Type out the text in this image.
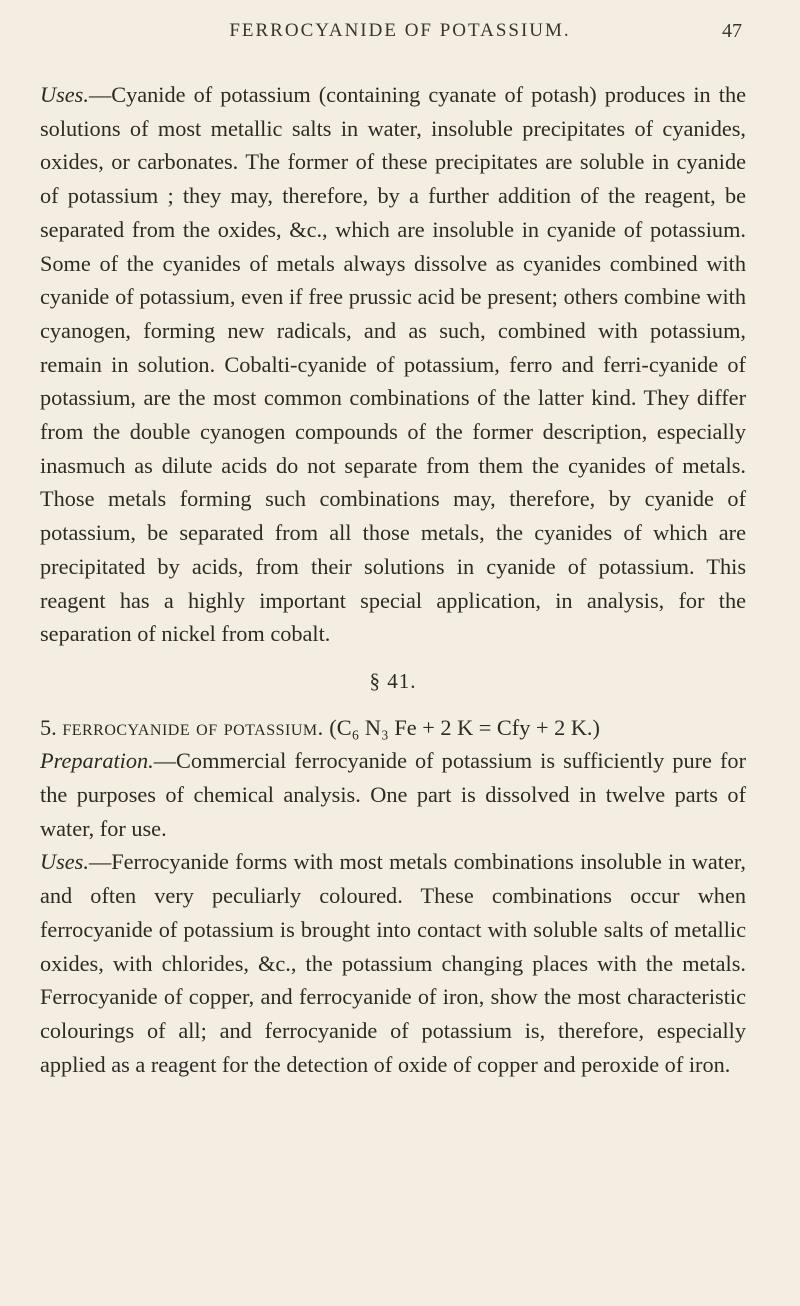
FERROCYANIDE OF POTASSIUM.	47

Uses.—Cyanide of potassium (containing cyanate of potash) produces in the solutions of most metallic salts in water, insoluble precipitates of cyanides, oxides, or carbonates. The former of these precipitates are soluble in cyanide of potassium ; they may, therefore, by a further addition of the reagent, be separated from the oxides, &c., which are insoluble in cyanide of potassium. Some of the cyanides of metals always dissolve as cyanides combined with cyanide of potassium, even if free prussic acid be present; others combine with cyanogen, forming new radicals, and as such, combined with potassium, remain in solution. Cobalti-cyanide of potassium, ferro and ferri-cyanide of potassium, are the most common combinations of the latter kind. They differ from the double cyanogen compounds of the former description, especially inasmuch as dilute acids do not separate from them the cyanides of metals. Those metals forming such combinations may, therefore, by cyanide of potassium, be separated from all those metals, the cyanides of which are precipitated by acids, from their solutions in cyanide of potassium. This reagent has a highly important special application, in analysis, for the separation of nickel from cobalt.

§ 41.

5. ferrocyanide of potassium. (C₆ N₃ Fe + 2 K = Cfy + 2 K.)

Preparation.—Commercial ferrocyanide of potassium is sufficiently pure for the purposes of chemical analysis. One part is dissolved in twelve parts of water, for use.

Uses.—Ferrocyanide forms with most metals combinations insoluble in water, and often very peculiarly coloured. These combinations occur when ferrocyanide of potassium is brought into contact with soluble salts of metallic oxides, with chlorides, &c., the potassium changing places with the metals. Ferrocyanide of copper, and ferrocyanide of iron, show the most characteristic colourings of all; and ferrocyanide of potassium is, therefore, especially applied as a reagent for the detection of oxide of copper and peroxide of iron.
